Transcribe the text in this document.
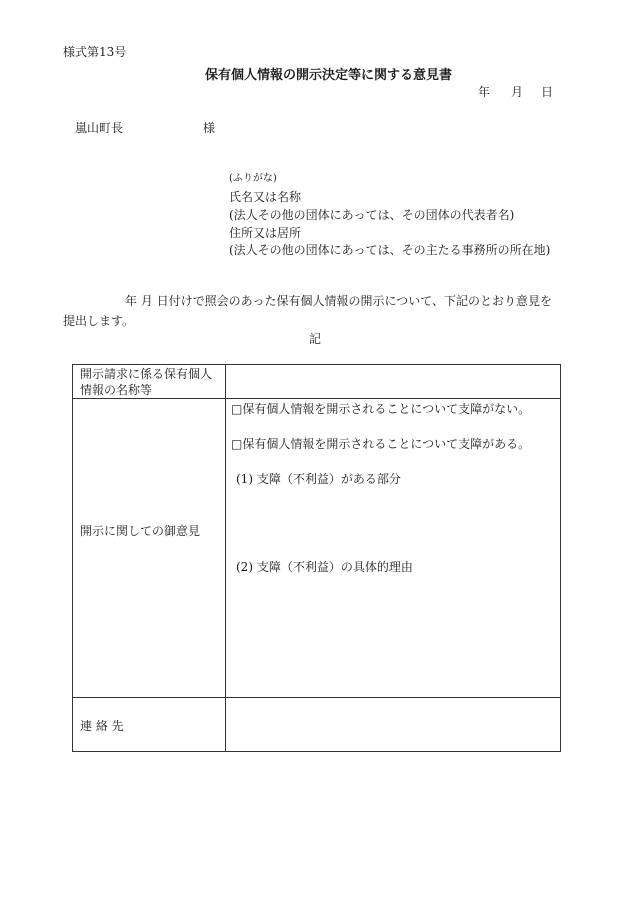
様式第13号
保有個人情報の開示決定等に関する意見書
年 月 日
嵐山町長	様
(ふりがな)
氏名又は名称
(法人その他の団体にあっては、その団体の代表者名)
住所又は居所
(法人その他の団体にあっては、その主たる事務所の所在地)
年 月 日付けで照会のあった保有個人情報の開示について、下記のとおり意見を
提出します。
記
開示請求に係る保有個人
情報の名称等
開示に関しての御意見
□保有個人情報を開示されることについて支障がない。
□保有個人情報を開示されることについて支障がある。
(1) 支障（不利益）がある部分
(2) 支障（不利益）の具体的理由
連 絡 先
